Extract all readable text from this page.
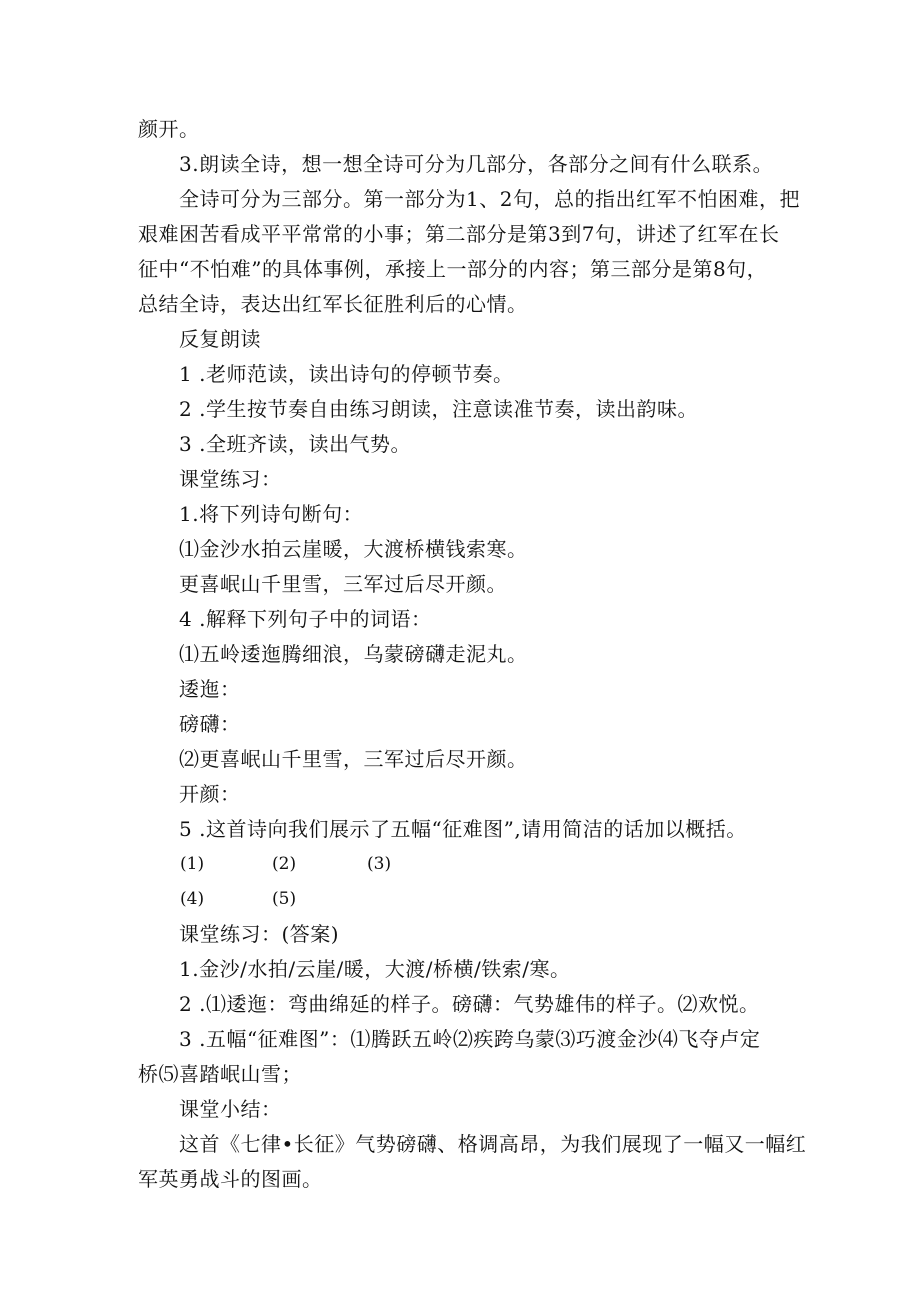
颜开。
3.朗读全诗，想一想全诗可分为几部分，各部分之间有什么联系。
全诗可分为三部分。第一部分为1、2句，总的指出红军不怕困难，把
艰难困苦看成平平常常的小事；第二部分是第3到7句，讲述了红军在长
征中“不怕难”的具体事例，承接上一部分的内容；第三部分是第8句，
总结全诗，表达出红军长征胜利后的心情。
反复朗读
1 .老师范读，读出诗句的停顿节奏。
2 .学生按节奏自由练习朗读，注意读准节奏，读出韵味。
3 .全班齐读，读出气势。
课堂练习：
1.将下列诗句断句：
⑴金沙水拍云崖暖，大渡桥横钱索寒。
更喜岷山千里雪，三军过后尽开颜。
4 .解释下列句子中的词语：
⑴五岭逶迤腾细浪，乌蒙磅礴走泥丸。
逶迤：
磅礴：
⑵更喜岷山千里雪，三军过后尽开颜。
开颜：
5 .这首诗向我们展示了五幅“征难图”,请用简洁的话加以概括。
(1)	(2)	(3)
(4)	(5)
课堂练习：(答案)
1.金沙/水拍/云崖/暖，大渡/桥横/铁索/寒。
2 .⑴逶迤：弯曲绵延的样子。磅礴：气势雄伟的样子。⑵欢悦。
3 .五幅“征难图”：⑴腾跃五岭⑵疾跨乌蒙⑶巧渡金沙⑷飞夺卢定
桥⑸喜踏岷山雪；
课堂小结：
这首《七律•长征》气势磅礴、格调高昂，为我们展现了一幅又一幅红
军英勇战斗的图画。
